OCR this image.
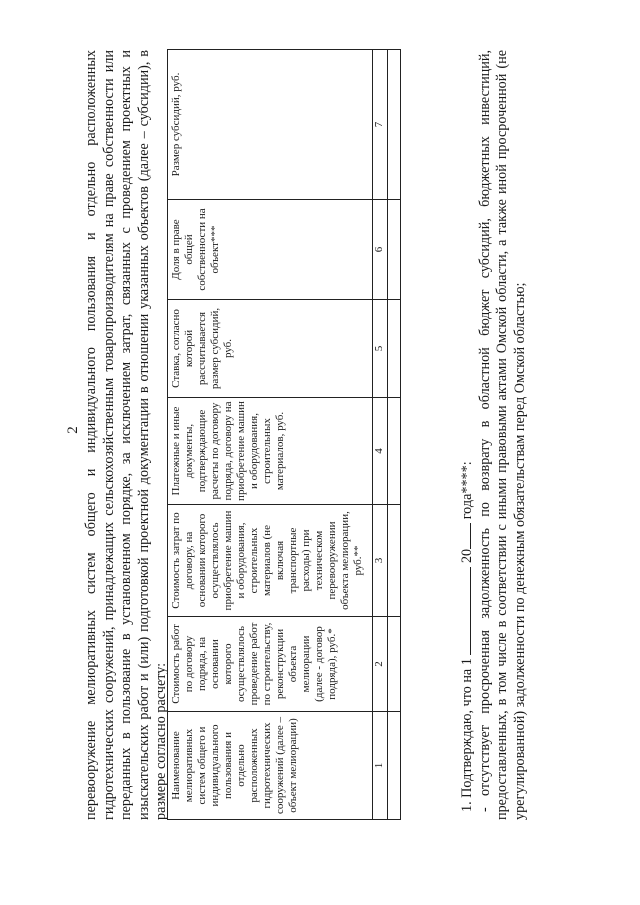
2 перевооружение мелиоративных систем общего и индивидуального пользования и отдельно расположенных гидротехнических сооружений, принадлежащих сельскохозяйственным товаропроизводителям на праве собственности или переданных в пользование в установленном порядке, за исключением затрат, связанных с проведением проектных и изыскательских работ и (или) подготовкой проектной документации в отношении указанных объектов (далее – субсидии), в размере согласно расчету: Наименование мелиоративных систем общего и индивидуального пользования и отдельно расположенных гидротехнических сооружений (далее – объект мелиорации)	Стоимость работ по договору подряда, на основании которого осуществлялось проведение работ по строительству, реконструкции объекта мелиорации (далее - договор подряда), руб.*	Стоимость затрат по договору, на основании которого осуществлялось приобретение машин и оборудования, строительных материалов (не включая транспортные расходы) при техническом перевооружении объекта мелиорации, руб.**	Платежные и иные документы, подтверждающие расчеты по договору подряда, договору на приобретение машин и оборудования, строительных материалов, руб.	Ставка, согласно которой рассчитывается размер субсидий, руб.	Доля в праве общей собственности на объект***	Размер субсидий, руб.
1	2	3	4	5	6	7

1. Подтверждаю, что на 1  20 года****: - отсутствует просроченная задолженность по возврату в областной бюджет субсидий, бюджетных инвестиций, предоставленных, в том числе в соответствии с иными правовыми актами Омской области, а также иной просроченной (не урегулированной) задолженности по денежным обязательствам перед Омской областью;
